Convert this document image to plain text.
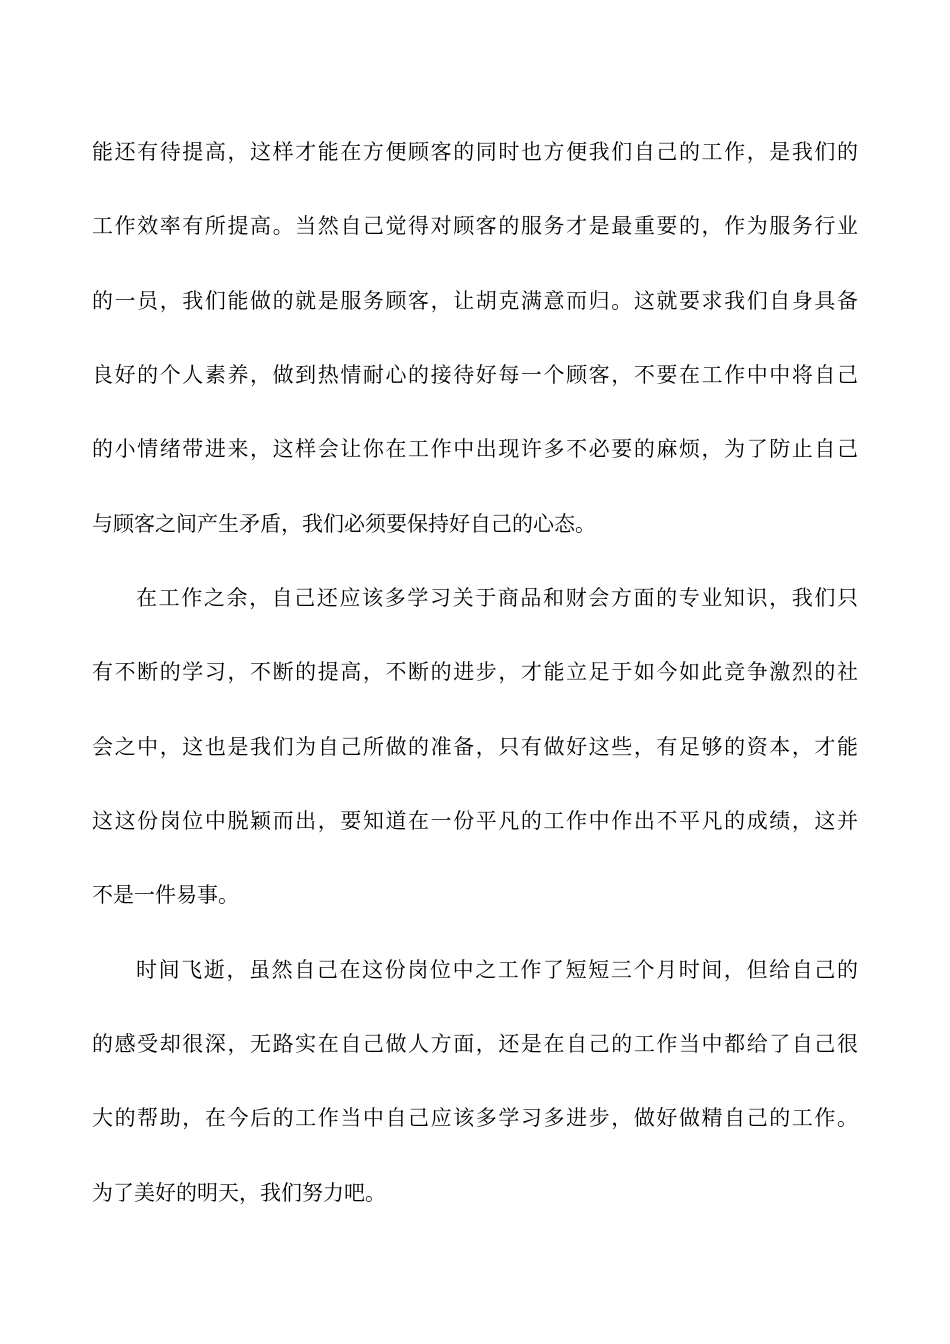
能还有待提高，这样才能在方便顾客的同时也方便我们自己的工作，是我们的
工作效率有所提高。当然自己觉得对顾客的服务才是最重要的，作为服务行业
的一员，我们能做的就是服务顾客，让胡克满意而归。这就要求我们自身具备
良好的个人素养，做到热情耐心的接待好每一个顾客，不要在工作中中将自己
的小情绪带进来，这样会让你在工作中出现许多不必要的麻烦，为了防止自己
与顾客之间产生矛盾，我们必须要保持好自己的心态。
在工作之余，自己还应该多学习关于商品和财会方面的专业知识，我们只
有不断的学习，不断的提高，不断的进步，才能立足于如今如此竞争激烈的社
会之中，这也是我们为自己所做的准备，只有做好这些，有足够的资本，才能
这这份岗位中脱颖而出，要知道在一份平凡的工作中作出不平凡的成绩，这并
不是一件易事。
时间飞逝，虽然自己在这份岗位中之工作了短短三个月时间，但给自己的
的感受却很深，无路实在自己做人方面，还是在自己的工作当中都给了自己很
大的帮助，在今后的工作当中自己应该多学习多进步，做好做精自己的工作。
为了美好的明天，我们努力吧。
